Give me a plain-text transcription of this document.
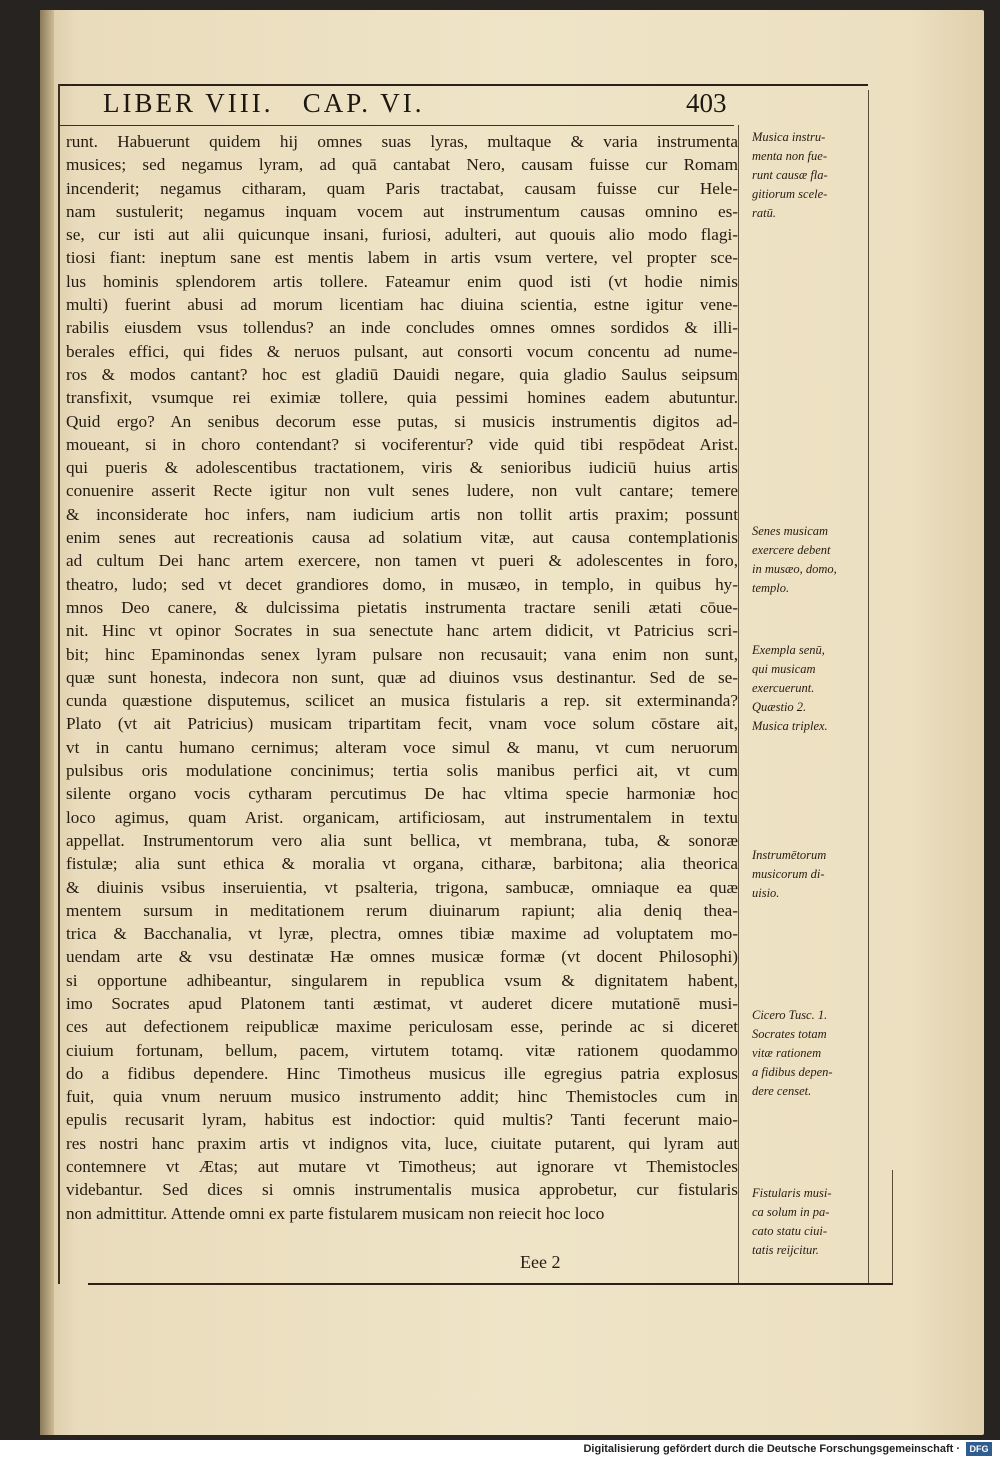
LIBER VIII.   CAP. VI.	403
runt. Habuerunt quidem hij omnes suas lyras, multaque & varia instrumenta
musices; sed negamus lyram, ad quā cantabat Nero, causam fuisse cur Romam
incenderit; negamus citharam, quam Paris tractabat, causam fuisse cur Hele-
nam sustulerit; negamus inquam vocem aut instrumentum causas omnino es-
se, cur isti aut alii quicunque insani, furiosi, adulteri, aut quouis alio modo flagi-
tiosi fiant: ineptum sane est mentis labem in artis vsum vertere, vel propter sce-
lus hominis splendorem artis tollere. Fateamur enim quod isti (vt hodie nimis
multi) fuerint abusi ad morum licentiam hac diuina scientia, estne igitur vene-
rabilis eiusdem vsus tollendus? an inde concludes omnes omnes sordidos & illi-
berales effici, qui fides & neruos pulsant, aut consorti vocum concentu ad nume-
ros & modos cantant? hoc est gladiū Dauidi negare, quia gladio Saulus seipsum
transfixit, vsumque rei eximiæ tollere, quia pessimi homines eadem abutuntur.
Quid ergo? An senibus decorum esse putas, si musicis instrumentis digitos ad-
moueant, si in choro contendant? si vociferentur? vide quid tibi respōdeat Arist.
qui pueris & adolescentibus tractationem, viris & senioribus iudiciū huius artis
conuenire asserit Recte igitur non vult senes ludere, non vult cantare; temere
& inconsiderate hoc infers, nam iudicium artis non tollit artis praxim; possunt
enim senes aut recreationis causa ad solatium vitæ, aut causa contemplationis
ad cultum Dei hanc artem exercere, non tamen vt pueri & adolescentes in foro,
theatro, ludo; sed vt decet grandiores domo, in musæo, in templo, in quibus hy-
mnos Deo canere, & dulcissima pietatis instrumenta tractare senili ætati cōue-
nit. Hinc vt opinor Socrates in sua senectute hanc artem didicit, vt Patricius scri-
bit; hinc Epaminondas senex lyram pulsare non recusauit; vana enim non sunt,
quæ sunt honesta, indecora non sunt, quæ ad diuinos vsus destinantur. Sed de se-
cunda quæstione disputemus, scilicet an musica fistularis a rep. sit exterminanda?
Plato (vt ait Patricius) musicam tripartitam fecit, vnam voce solum cōstare ait,
vt in cantu humano cernimus; alteram voce simul & manu, vt cum neruorum
pulsibus oris modulatione concinimus; tertia solis manibus perfici ait, vt cum
silente organo vocis cytharam percutimus De hac vltima specie harmoniæ hoc
loco agimus, quam Arist. organicam, artificiosam, aut instrumentalem in textu
appellat. Instrumentorum vero alia sunt bellica, vt membrana, tuba, & sonoræ
fistulæ; alia sunt ethica & moralia vt organa, citharæ, barbitona; alia theorica
& diuinis vsibus inseruientia, vt psalteria, trigona, sambucæ, omniaque ea quæ
mentem sursum in meditationem rerum diuinarum rapiunt; alia deniq thea-
trica & Bacchanalia, vt lyræ, plectra, omnes tibiæ maxime ad voluptatem mo-
uendam arte & vsu destinatæ Hæ omnes musicæ formæ (vt docent Philosophi)
si opportune adhibeantur, singularem in republica vsum & dignitatem habent,
imo Socrates apud Platonem tanti æstimat, vt auderet dicere mutationē musi-
ces aut defectionem reipublicæ maxime periculosam esse, perinde ac si diceret
ciuium fortunam, bellum, pacem, virtutem totamq. vitæ rationem quodammo
do a fidibus dependere. Hinc Timotheus musicus ille egregius patria explosus
fuit, quia vnum neruum musico instrumento addit; hinc Themistocles cum in
epulis recusarit lyram, habitus est indoctior: quid multis? Tanti fecerunt maio-
res nostri hanc praxim artis vt indignos vita, luce, ciuitate putarent, qui lyram aut
contemnere vt Ætas; aut mutare vt Timotheus; aut ignorare vt Themistocles
videbantur. Sed dices si omnis instrumentalis musica approbetur, cur fistularis
non admittitur. Attende omni ex parte fistularem musicam non reiecit hoc loco
Eee 2
Musica instru-
menta non fue-
runt causæ fla-
gitiorum scele-
ratū.
Senes musicam
exercere debent
in musæo, domo,
templo.
Exempla senū,
qui musicam
exercuerunt.
Quæstio 2.
Musica triplex.
Instrumētorum
musicorum di-
uisio.
Cicero Tusc. 1.
Socrates totam
vitæ rationem
a fidibus depen-
dere censet.
Fistularis musi-
ca solum in pa-
cato statu ciui-
tatis reijcitur.
Digitalisierung gefördert durch die Deutsche Forschungsgemeinschaft ·	DFG
